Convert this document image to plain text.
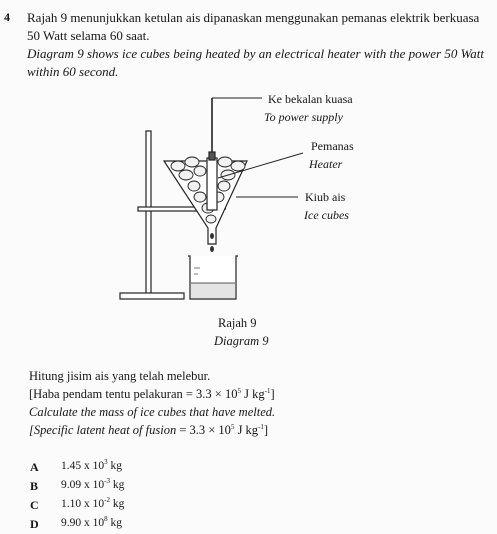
4 Rajah 9 menunjukkan ketulan ais dipanaskan menggunakan pemanas elektrik berkuasa
50 Watt selama 60 saat.
Diagram 9 shows ice cubes being heated by an electrical heater with the power 50 Watt
within 60 second.
Ke bekalan kuasa
To power supply
Pemanas
Heater
Kiub ais
Ice cubes
Rajah 9
Diagram 9
Hitung jisim ais yang telah melebur.
[Haba pendam tentu pelakuran = $3.3 \times 10^5$ J $kg^{-1}$]
Calculate the mass of ice cubes that have melted.
[Specific latent heat of fusion = $3.3 \times 10^5$ J $kg^{-1}$]
A 1.45 x $10^3$ kg
B 9.09 x $10^{-3}$ kg
C 1.10 x $10^{-2}$ kg
D 9.90 x $10^8$ kg
